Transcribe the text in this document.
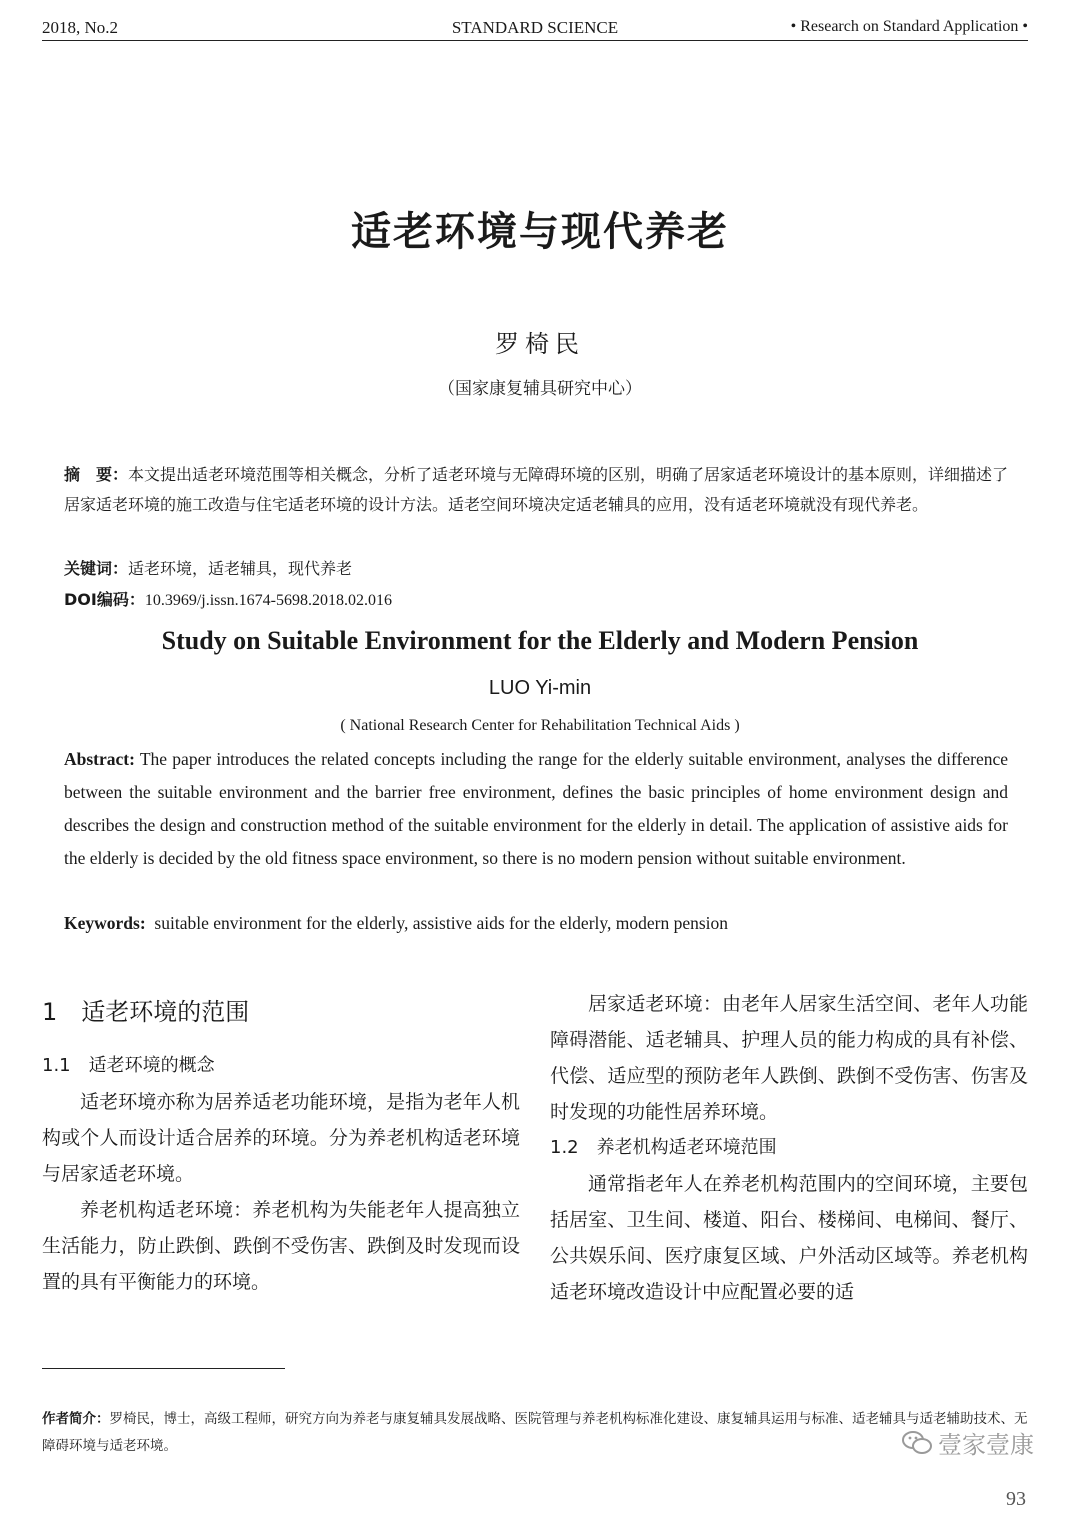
2018, No.2	STANDARD SCIENCE	• Research on Standard Application •
适老环境与现代养老
罗椅民
（国家康复辅具研究中心）
摘　要：本文提出适老环境范围等相关概念，分析了适老环境与无障碍环境的区别，明确了居家适老环境设计的基本原则，详细描述了居家适老环境的施工改造与住宅适老环境的设计方法。适老空间环境决定适老辅具的应用，没有适老环境就没有现代养老。
关键词：适老环境，适老辅具，现代养老
DOI编码：10.3969/j.issn.1674-5698.2018.02.016
Study on Suitable Environment for the Elderly and Modern Pension
LUO Yi-min
( National Research Center for Rehabilitation Technical Aids )
Abstract: The paper introduces the related concepts including the range for the elderly suitable environment, analyses the difference between the suitable environment and the barrier free environment, defines the basic principles of home environment design and describes the design and construction method of the suitable environment for the elderly in detail. The application of assistive aids for the elderly is decided by the old fitness space environment, so there is no modern pension without suitable environment.
Keywords:  suitable environment for the elderly, assistive aids for the elderly, modern pension
1　适老环境的范围
1.1　适老环境的概念

适老环境亦称为居养适老功能环境，是指为老年人机构或个人而设计适合居养的环境。分为养老机构适老环境与居家适老环境。

养老机构适老环境：养老机构为失能老年人提高独立生活能力，防止跌倒、跌倒不受伤害、跌倒及时发现而设置的具有平衡能力的环境。

居家适老环境：由老年人居家生活空间、老年人功能障碍潜能、适老辅具、护理人员的能力构成的具有补偿、代偿、适应型的预防老年人跌倒、跌倒不受伤害、伤害及时发现的功能性居养环境。

1.2　养老机构适老环境范围

通常指老年人在养老机构范围内的空间环境，主要包括居室、卫生间、楼道、阳台、楼梯间、电梯间、餐厅、公共娱乐间、医疗康复区域、户外活动区域等。养老机构适老环境改造设计中应配置必要的适

作者简介：罗椅民，博士，高级工程师，研究方向为养老与康复辅具发展战略、医院管理与养老机构标准化建设、康复辅具运用与标准、适老辅具与适老辅助技术、无障碍环境与适老环境。	壹家壹康
93
